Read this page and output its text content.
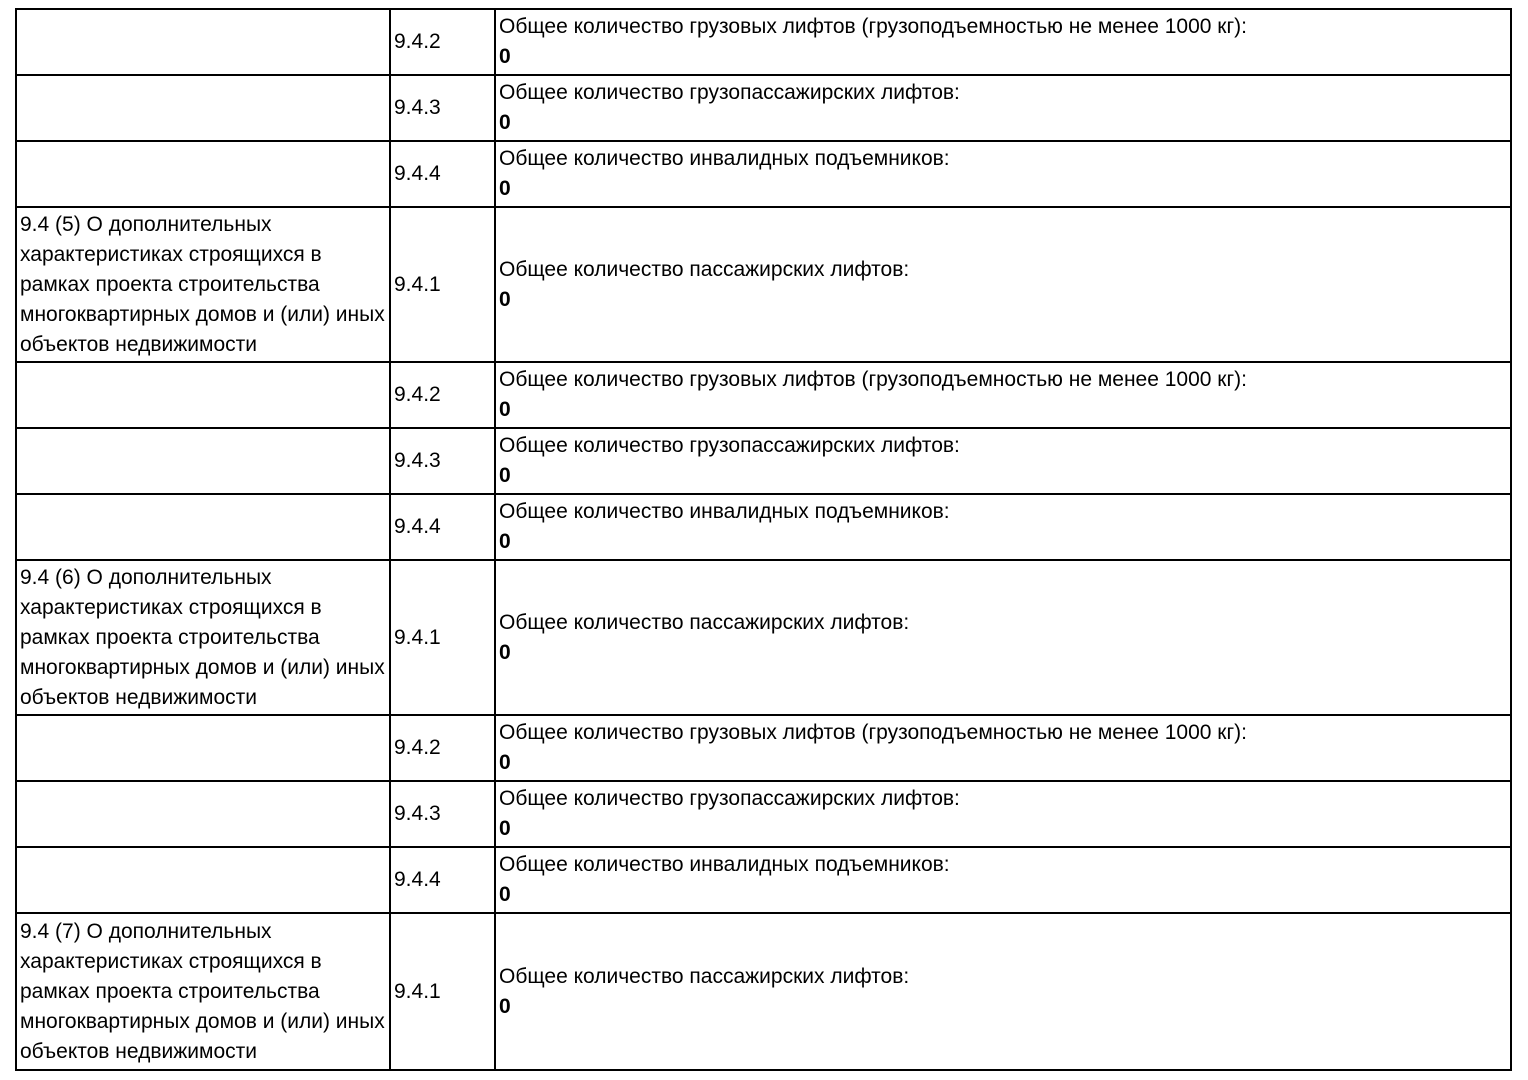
	9.4.2	Общее количество грузовых лифтов (грузоподъемностью не менее 1000 кг):
0

	9.4.3	Общее количество грузопассажирских лифтов:
0

	9.4.4	Общее количество инвалидных подъемников:
0

9.4 (5) О дополнительных характеристиках строящихся в рамках проекта строительства многоквартирных домов и (или) иных объектов недвижимости	9.4.1	Общее количество пассажирских лифтов:
0

	9.4.2	Общее количество грузовых лифтов (грузоподъемностью не менее 1000 кг):
0

	9.4.3	Общее количество грузопассажирских лифтов:
0

	9.4.4	Общее количество инвалидных подъемников:
0

9.4 (6) О дополнительных характеристиках строящихся в рамках проекта строительства многоквартирных домов и (или) иных объектов недвижимости	9.4.1	Общее количество пассажирских лифтов:
0

	9.4.2	Общее количество грузовых лифтов (грузоподъемностью не менее 1000 кг):
0

	9.4.3	Общее количество грузопассажирских лифтов:
0

	9.4.4	Общее количество инвалидных подъемников:
0

9.4 (7) О дополнительных характеристиках строящихся в рамках проекта строительства многоквартирных домов и (или) иных объектов недвижимости	9.4.1	Общее количество пассажирских лифтов:
0
